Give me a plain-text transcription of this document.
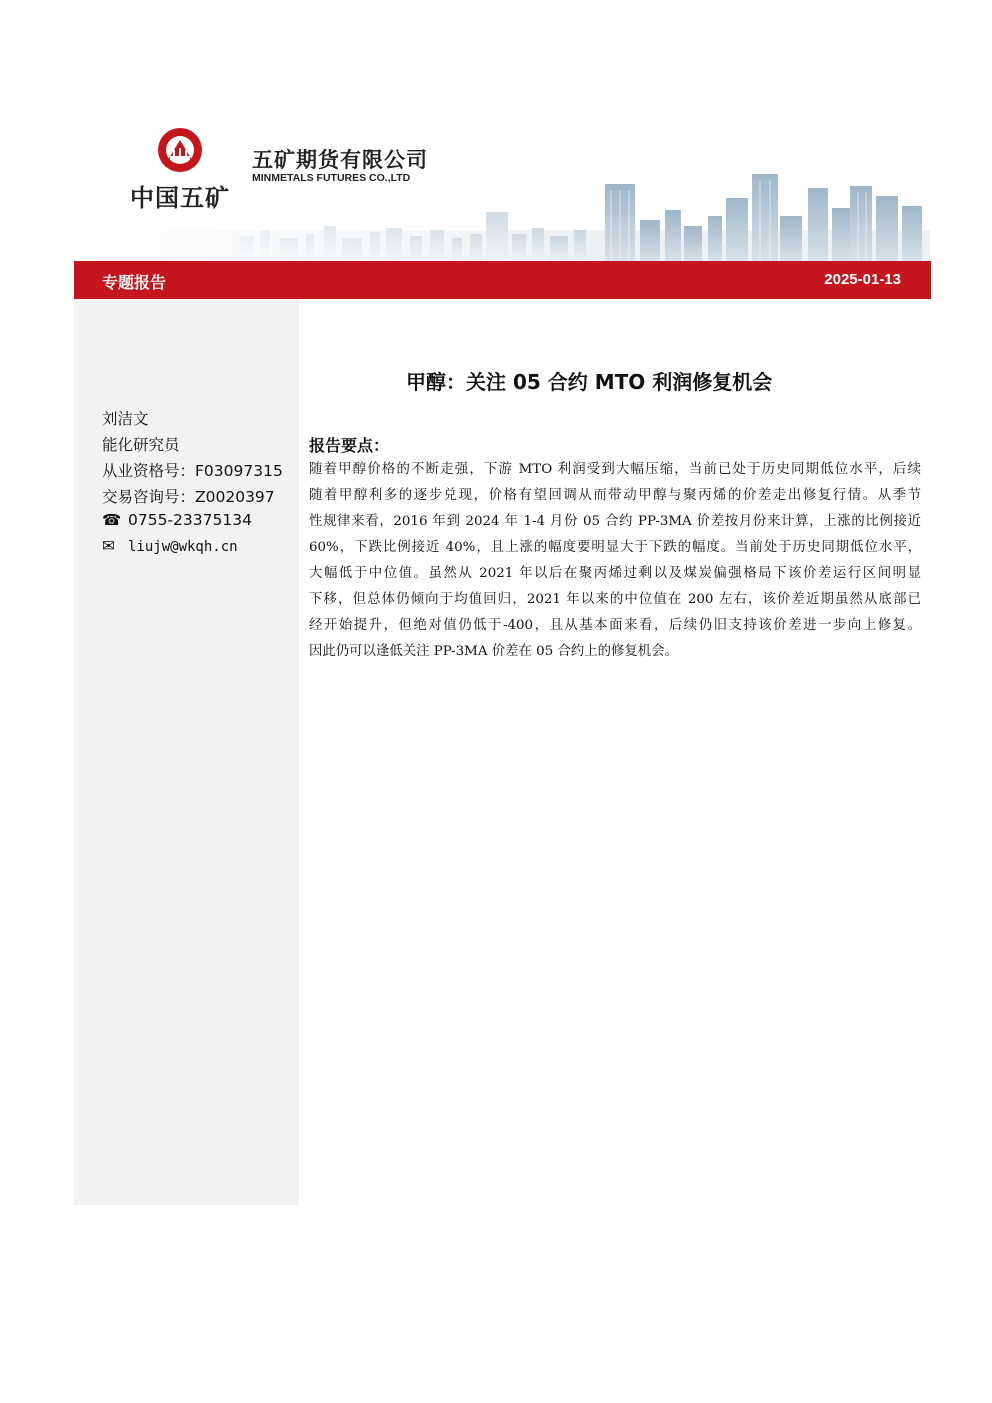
中国五矿
五矿期货有限公司
MINMETALS FUTURES CO.,LTD
专题报告	2025-01-13
刘洁文
能化研究员
从业资格号：F03097315
交易咨询号：Z0020397
☎ 0755-23375134
✉ liujw@wkqh.cn
甲醇：关注 05 合约 MTO 利润修复机会
报告要点：
随着甲醇价格的不断走强，下游 MTO 利润受到大幅压缩，当前已处于历史同期低位水平，后续
随着甲醇利多的逐步兑现，价格有望回调从而带动甲醇与聚丙烯的价差走出修复行情。从季节
性规律来看，2016 年到 2024 年 1-4 月份 05 合约 PP-3MA 价差按月份来计算，上涨的比例接近
60%，下跌比例接近 40%，且上涨的幅度要明显大于下跌的幅度。当前处于历史同期低位水平，
大幅低于中位值。虽然从 2021 年以后在聚丙烯过剩以及煤炭偏强格局下该价差运行区间明显
下移，但总体仍倾向于均值回归，2021 年以来的中位值在 200 左右，该价差近期虽然从底部已
经开始提升，但绝对值仍低于-400，且从基本面来看，后续仍旧支持该价差进一步向上修复。
因此仍可以逢低关注 PP-3MA 价差在 05 合约上的修复机会。
